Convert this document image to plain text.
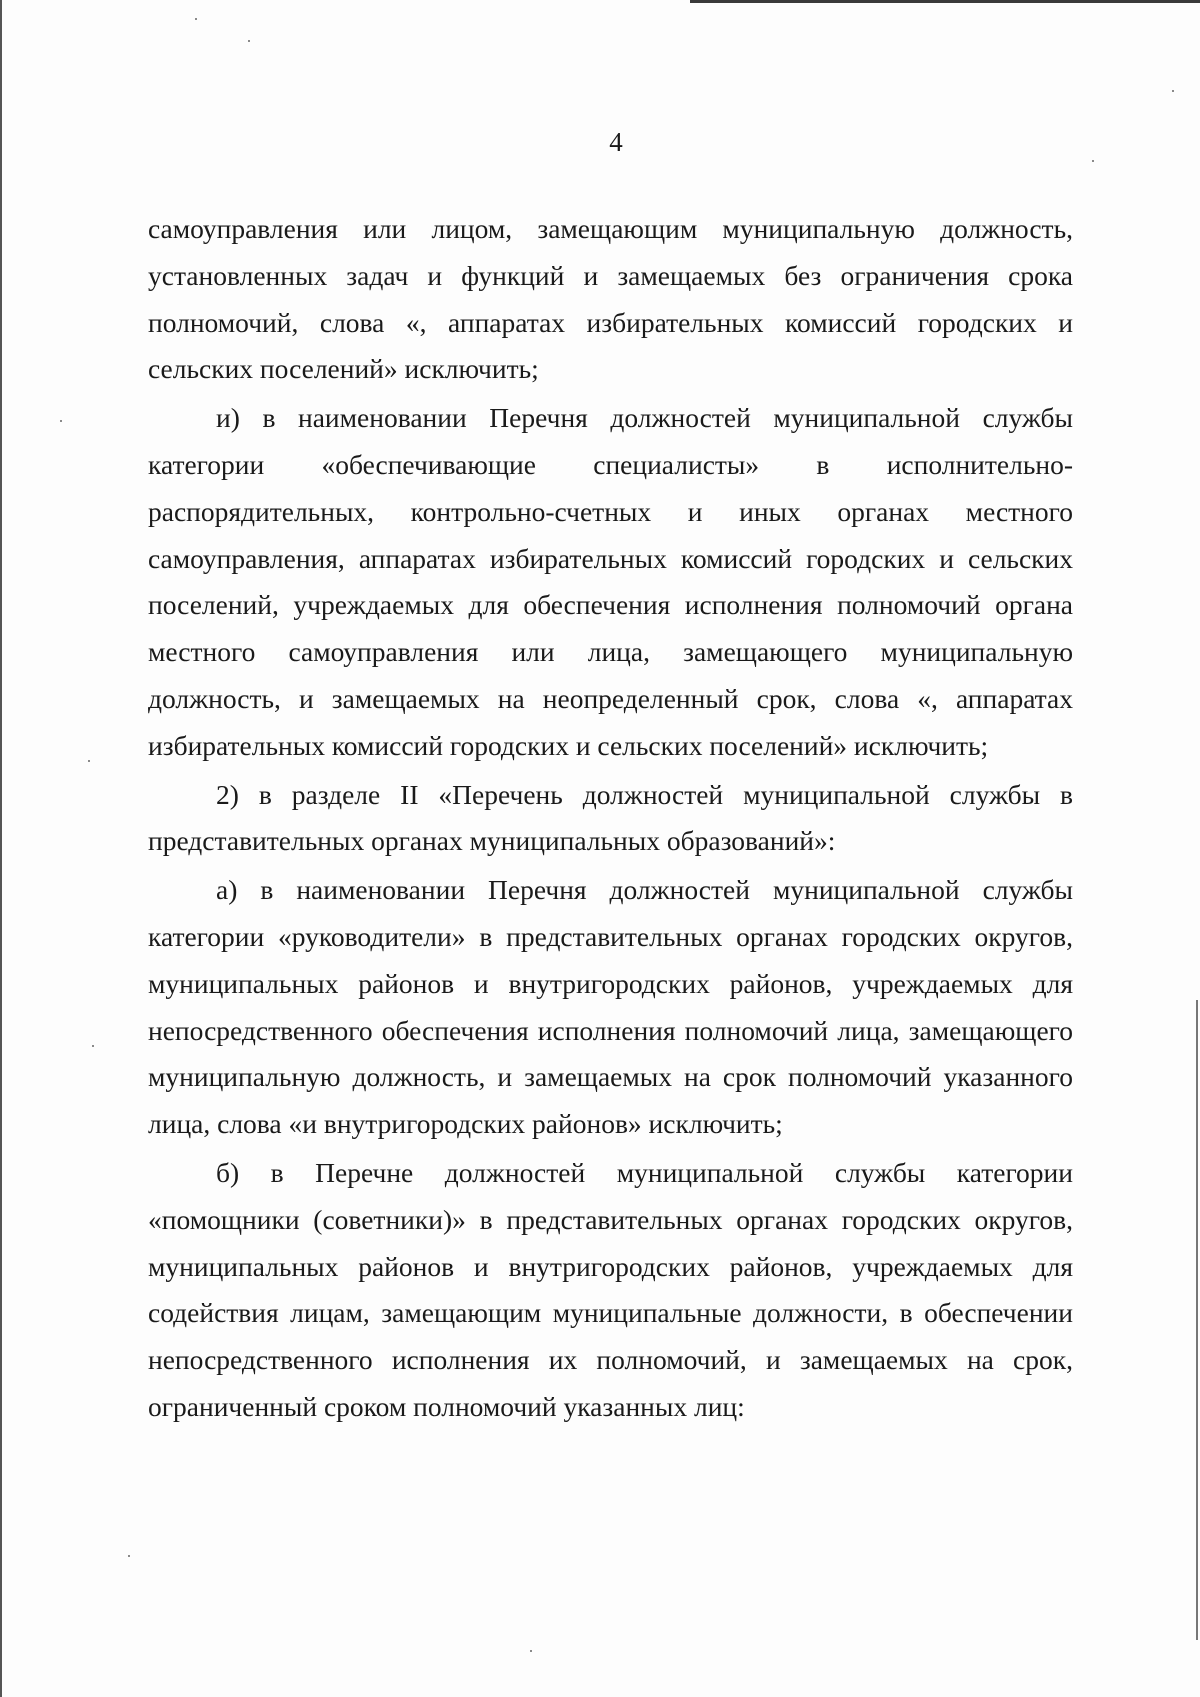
4

самоуправления или лицом, замещающим муниципальную должность, установленных задач и функций и замещаемых без ограничения срока полномочий, слова «, аппаратах избирательных комиссий городских и сельских поселений» исключить;

и) в наименовании Перечня должностей муниципальной службы категории «обеспечивающие специалисты» в исполнительно-распорядительных, контрольно-счетных и иных органах местного самоуправления, аппаратах избирательных комиссий городских и сельских поселений, учреждаемых для обеспечения исполнения полномочий органа местного самоуправления или лица, замещающего муниципальную должность, и замещаемых на неопределенный срок, слова «, аппаратах избирательных комиссий городских и сельских поселений» исключить;

2) в разделе II «Перечень должностей муниципальной службы в представительных органах муниципальных образований»:

а) в наименовании Перечня должностей муниципальной службы категории «руководители» в представительных органах городских округов, муниципальных районов и внутригородских районов, учреждаемых для непосредственного обеспечения исполнения полномочий лица, замещающего муниципальную должность, и замещаемых на срок полномочий указанного лица, слова «и внутригородских районов» исключить;

б) в Перечне должностей муниципальной службы категории «помощники (советники)» в представительных органах городских округов, муниципальных районов и внутригородских районов, учреждаемых для содействия лицам, замещающим муниципальные должности, в обеспечении непосредственного исполнения их полномочий, и замещаемых на срок, ограниченный сроком полномочий указанных лиц:
